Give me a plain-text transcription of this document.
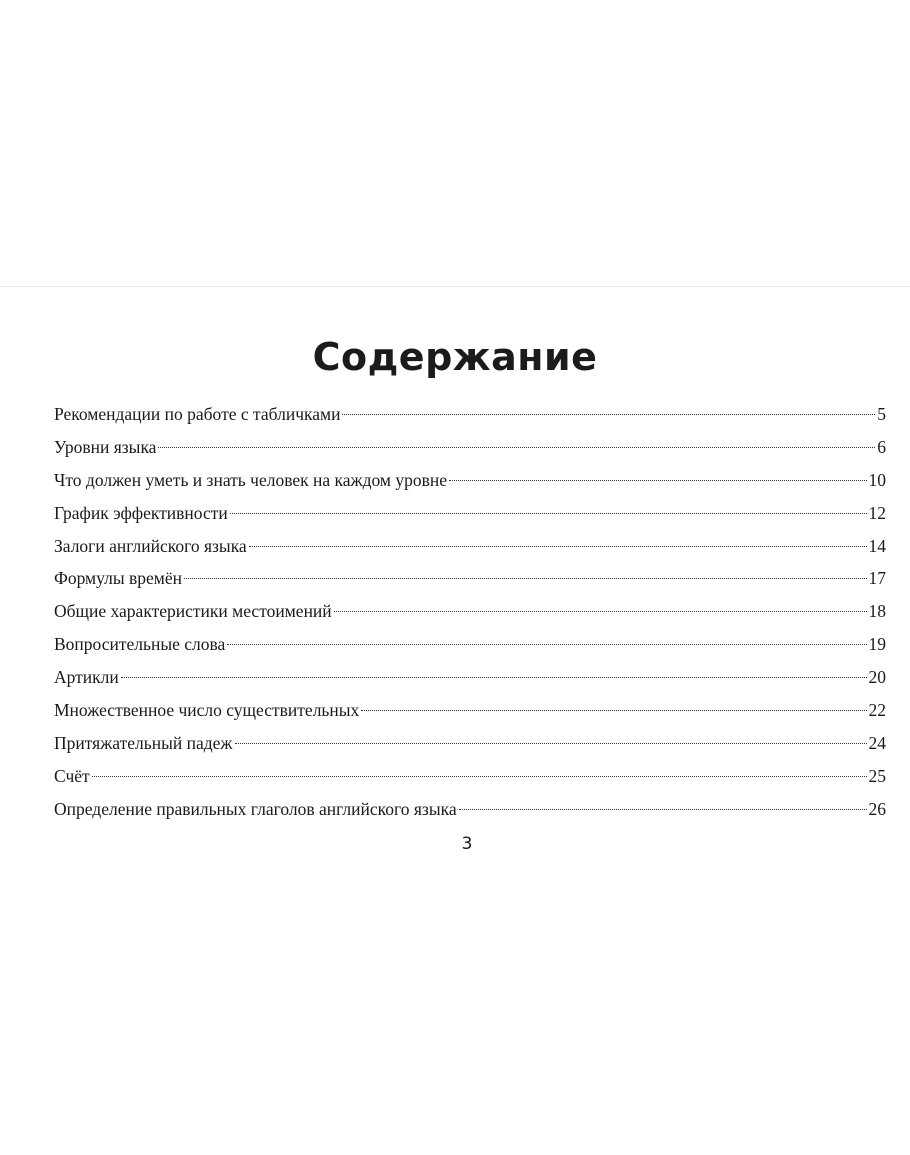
Содержание
Рекомендации по работе с табличками	5
Уровни языка	6
Что должен уметь и знать человек на каждом уровне	10
График эффективности	12
Залоги английского языка	14
Формулы времён	17
Общие характеристики местоимений	18
Вопросительные слова	19
Артикли	20
Множественное число существительных	22
Притяжательный падеж	24
Счёт	25
Определение правильных глаголов английского языка	26
3
